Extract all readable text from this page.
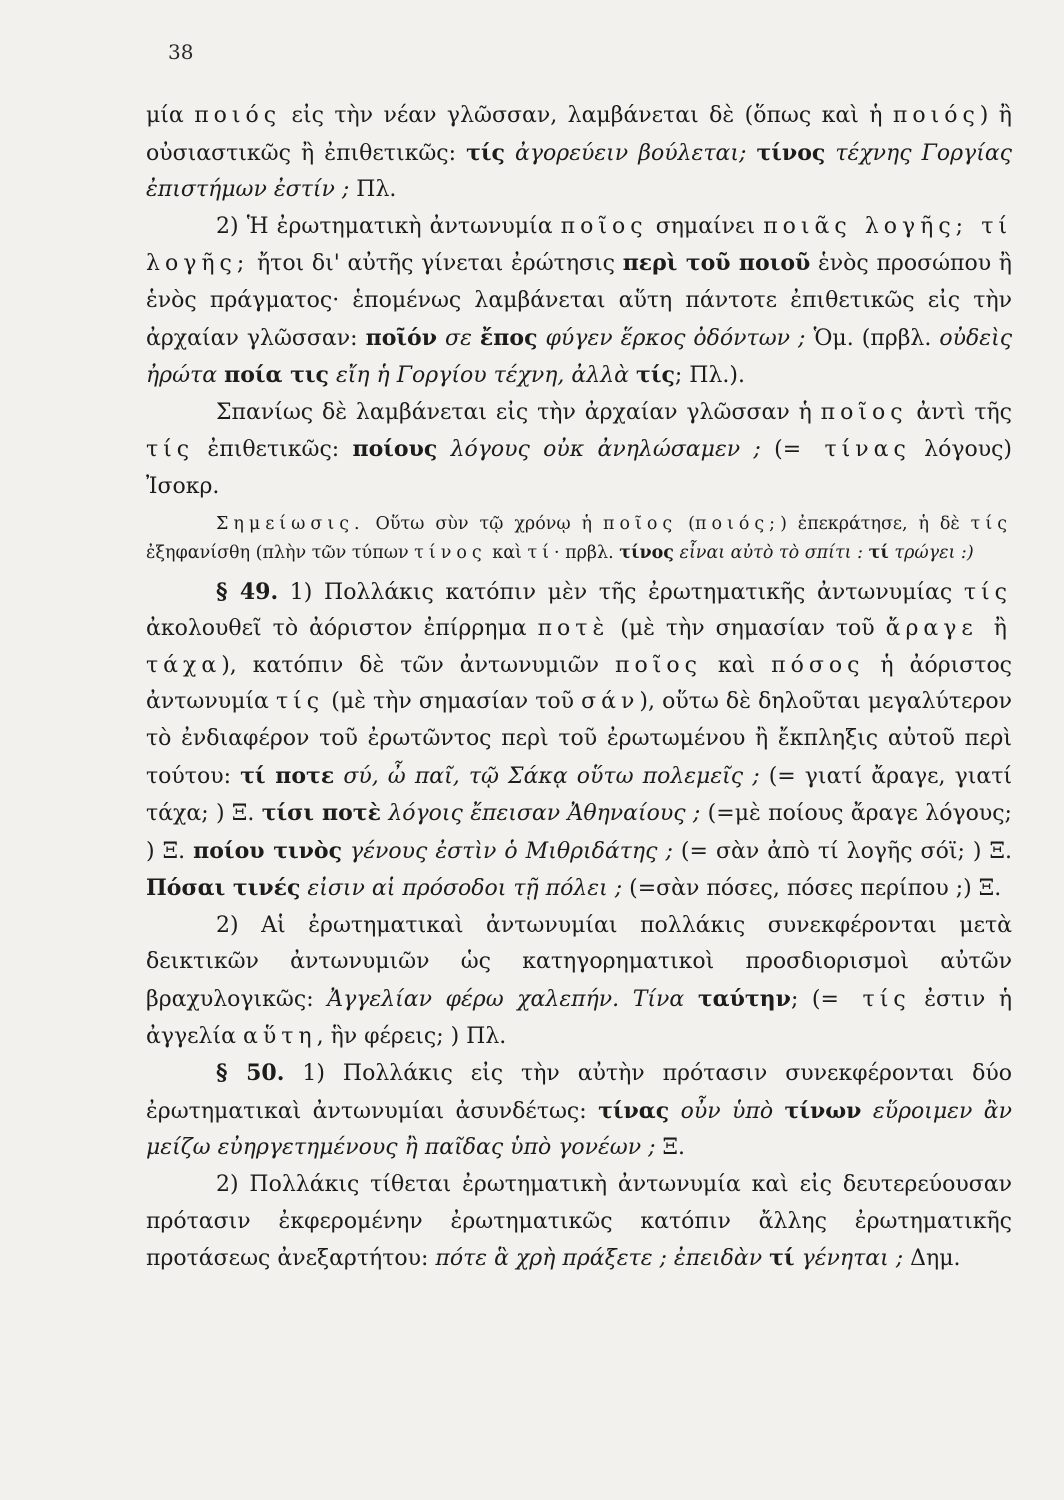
38

μία ποιός εἰς τὴν νέαν γλῶσσαν, λαμβάνεται δὲ (ὅπως καὶ ἡ ποιός) ἢ οὐσιαστικῶς ἢ ἐπιθετικῶς: τίς ἀγορεύειν βούλεται; τίνος τέχνης Γοργίας ἐπιστήμων ἐστίν ; Πλ.

2) Ἡ ἐρωτηματικὴ ἀντωνυμία ποῖος σημαίνει ποιᾶς λογῆς; τί λογῆς; ἤτοι δι' αὐτῆς γίνεται ἐρώτησις περὶ τοῦ ποιοῦ ἑνὸς προσώπου ἢ ἑνὸς πράγματος· ἑπομένως λαμβάνεται αὕτη πάντοτε ἐπιθετικῶς εἰς τὴν ἀρχαίαν γλῶσσαν: ποῖόν σε ἔπος φύγεν ἕρκος ὀδόντων ; Ὁμ. (πρβλ. οὐδεὶς ἠρώτα ποία τις εἴη ἡ Γοργίου τέχνη, ἀλλὰ τίς; Πλ.).

Σπανίως δὲ λαμβάνεται εἰς τὴν ἀρχαίαν γλῶσσαν ἡ ποῖος ἀντὶ τῆς τίς ἐπιθετικῶς: ποίους λόγους οὐκ ἀνηλώσαμεν ; (= τίνας λόγους) Ἰσοκρ.

Σημείωσις. Οὕτω σὺν τῷ χρόνῳ ἡ ποῖος (ποιός;) ἐπεκράτησε, ἡ δὲ τίς ἐξηφανίσθη (πλὴν τῶν τύπων τίνος καὶ τί· πρβλ. τίνος εἶναι αὐτὸ τὸ σπίτι : τί τρώγει :)

§ 49. 1) Πολλάκις κατόπιν μὲν τῆς ἐρωτηματικῆς ἀντωνυμίας τίς ἀκολουθεῖ τὸ ἀόριστον ἐπίρρημα ποτὲ (μὲ τὴν σημασίαν τοῦ ἄραγε ἢ τάχα), κατόπιν δὲ τῶν ἀντωνυμιῶν ποῖος καὶ πόσος ἡ ἀόριστος ἀντωνυμία τίς (μὲ τὴν σημασίαν τοῦ σάν), οὕτω δὲ δηλοῦται μεγαλύτερον τὸ ἐνδιαφέρον τοῦ ἐρωτῶντος περὶ τοῦ ἐρωτωμένου ἢ ἔκπληξις αὐτοῦ περὶ τούτου: τί ποτε σύ, ὦ παῖ, τῷ Σάκᾳ οὕτω πολεμεῖς ; (= γιατί ἄραγε, γιατί τάχα; ) Ξ. τίσι ποτὲ λόγοις ἔπεισαν Ἀθηναίους ; (=μὲ ποίους ἄραγε λόγους; ) Ξ. ποίου τινὸς γένους ἐστὶν ὁ Μιθριδάτης ; (= σὰν ἀπὸ τί λογῆς σόϊ; ) Ξ. Πόσαι τινές εἰσιν αἱ πρόσοδοι τῇ πόλει ; (=σὰν πόσες, πόσες περίπου ;) Ξ.

2) Αἱ ἐρωτηματικαὶ ἀντωνυμίαι πολλάκις συνεκφέρονται μετὰ δεικτικῶν ἀντωνυμιῶν ὡς κατηγορηματικοὶ προσδιορισμοὶ αὐτῶν βραχυλογικῶς: Ἀγγελίαν φέρω χαλεπήν. Τίνα ταύτην; (= τίς ἐστιν ἡ ἀγγελία αὕτη, ἣν φέρεις; ) Πλ.

§ 50. 1) Πολλάκις εἰς τὴν αὐτὴν πρότασιν συνεκφέρονται δύο ἐρωτηματικαὶ ἀντωνυμίαι ἀσυνδέτως: τίνας οὖν ὑπὸ τίνων εὕροιμεν ἂν μείζω εὐηργετημένους ἢ παῖδας ὑπὸ γονέων ; Ξ.

2) Πολλάκις τίθεται ἐρωτηματικὴ ἀντωνυμία καὶ εἰς δευτερεύουσαν πρότασιν ἐκφερομένην ἐρωτηματικῶς κατόπιν ἄλλης ἐρωτηματικῆς προτάσεως ἀνεξαρτήτου: πότε ἃ χρὴ πράξετε ; ἐπειδὰν τί γένηται ; Δημ.
